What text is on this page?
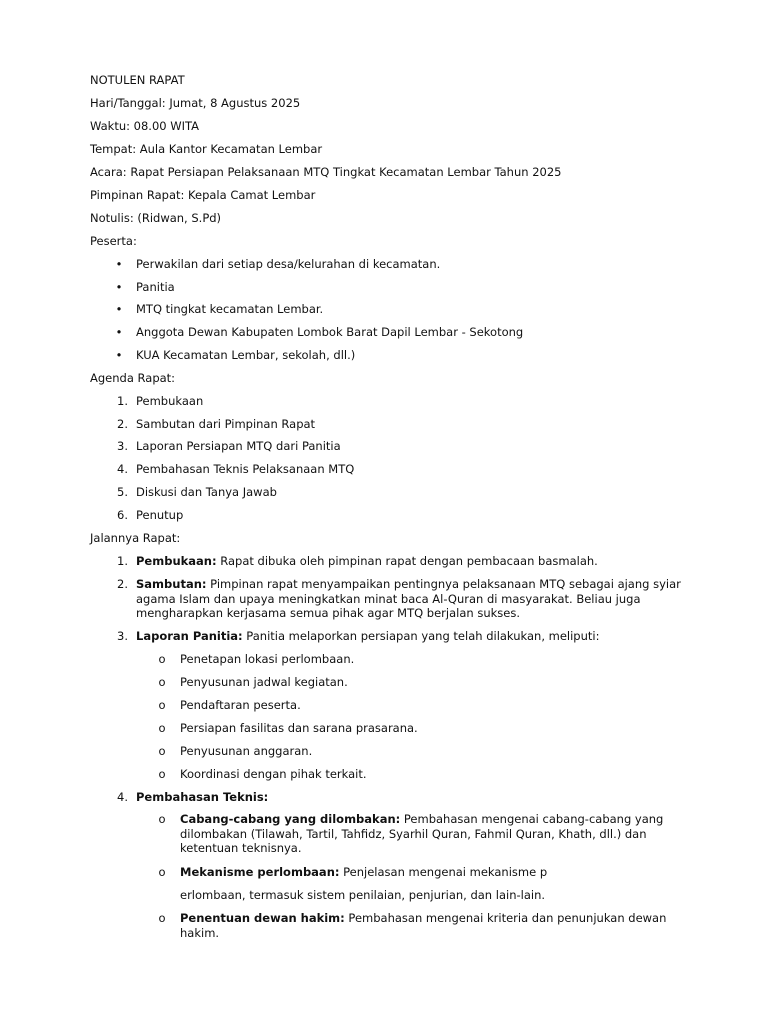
NOTULEN RAPAT
Hari/Tanggal: Jumat, 8 Agustus 2025
Waktu: 08.00 WITA
Tempat: Aula Kantor Kecamatan Lembar
Acara: Rapat Persiapan Pelaksanaan MTQ Tingkat Kecamatan Lembar Tahun 2025
Pimpinan Rapat: Kepala Camat Lembar
Notulis: (Ridwan, S.Pd)
Peserta:
• Perwakilan dari setiap desa/kelurahan di kecamatan.
• Panitia
• MTQ tingkat kecamatan Lembar.
• Anggota Dewan Kabupaten Lombok Barat Dapil Lembar - Sekotong
• KUA Kecamatan Lembar, sekolah, dll.)
Agenda Rapat:
1. Pembukaan
2. Sambutan dari Pimpinan Rapat
3. Laporan Persiapan MTQ dari Panitia
4. Pembahasan Teknis Pelaksanaan MTQ
5. Diskusi dan Tanya Jawab
6. Penutup
Jalannya Rapat:
1. Pembukaan: Rapat dibuka oleh pimpinan rapat dengan pembacaan basmalah.
2. Sambutan: Pimpinan rapat menyampaikan pentingnya pelaksanaan MTQ sebagai ajang syiar
agama Islam dan upaya meningkatkan minat baca Al-Quran di masyarakat. Beliau juga
mengharapkan kerjasama semua pihak agar MTQ berjalan sukses.
3. Laporan Panitia: Panitia melaporkan persiapan yang telah dilakukan, meliputi:
o Penetapan lokasi perlombaan.
o Penyusunan jadwal kegiatan.
o Pendaftaran peserta.
o Persiapan fasilitas dan sarana prasarana.
o Penyusunan anggaran.
o Koordinasi dengan pihak terkait.
4. Pembahasan Teknis:
o Cabang-cabang yang dilombakan: Pembahasan mengenai cabang-cabang yang
dilombakan (Tilawah, Tartil, Tahfidz, Syarhil Quran, Fahmil Quran, Khath, dll.) dan
ketentuan teknisnya.
o Mekanisme perlombaan: Penjelasan mengenai mekanisme p
erlombaan, termasuk sistem penilaian, penjurian, dan lain-lain.
o Penentuan dewan hakim: Pembahasan mengenai kriteria dan penunjukan dewan
hakim.
